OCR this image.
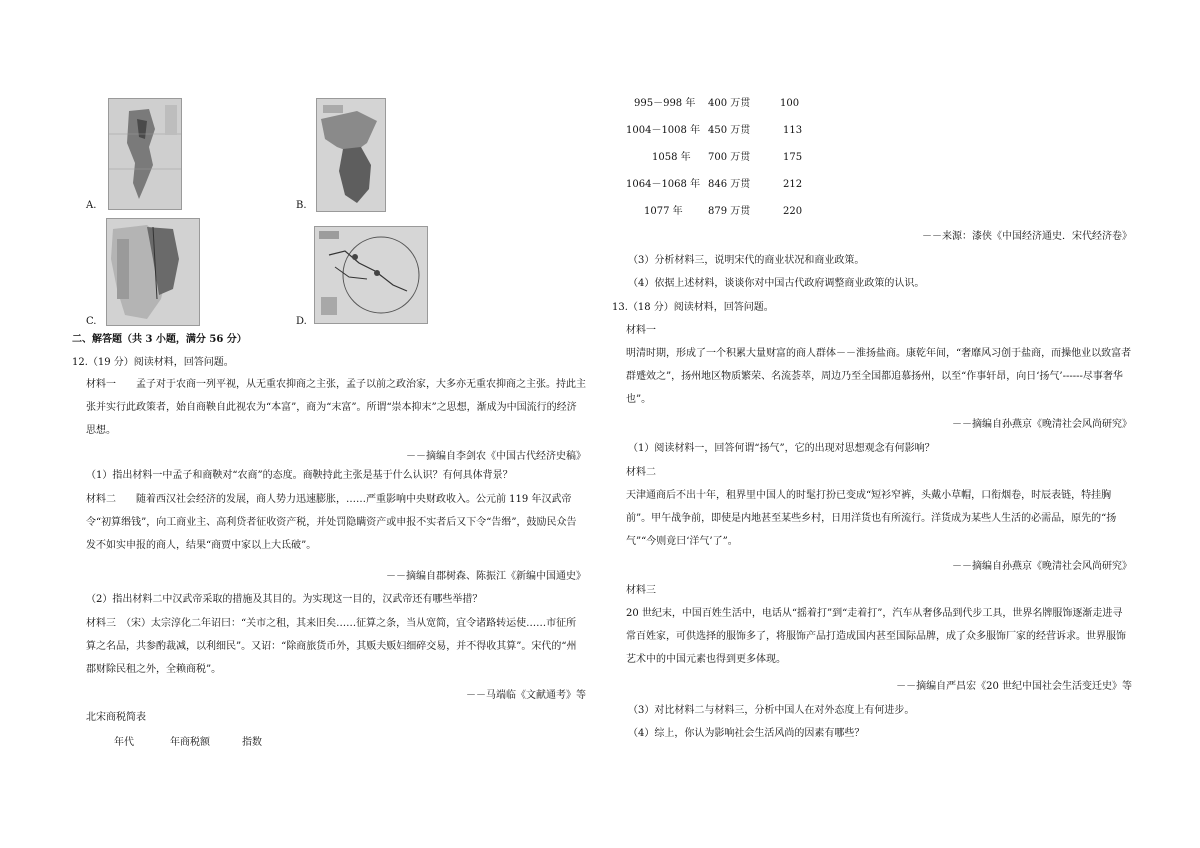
A.	B.
C.	D.
二、解答题（共 3 小题，满分 56 分）
12.（19 分）阅读材料，回答问题。
材料一　　孟子对于农商一列平视，从无重农抑商之主张，孟子以前之政治家，大多亦无重农抑商之主张。持此主张并实行此政策者，始自商鞅自此视农为“本富”，商为“末富”。所谓“崇本抑末”之思想，渐成为中国流行的经济思想。
－－摘编自李剑农《中国古代经济史稿》
（1）指出材料一中孟子和商鞅对“农商”的态度。商鞅持此主张是基于什么认识？有何具体背景？
材料二　　随着西汉社会经济的发展，商人势力迅速膨胀，……严重影响中央财政收入。公元前 119 年汉武帝令“初算缗钱”，向工商业主、高利贷者征收资产税，并处罚隐瞒资产或申报不实者后又下令“告缗”，鼓励民众告发不如实申报的商人，结果“商贾中家以上大氐破”。
－－摘编自郡树森、陈振江《新编中国通史》
（2）指出材料二中汉武帝采取的措施及其目的。为实现这一目的，汉武帝还有哪些举措？
材料三　（宋）太宗淳化二年诏曰：“关市之租，其来旧矣……征算之条，当从宽简，宜令诸路转运使……市征所算之名品，共参酌裁减，以利细民”。又诏：“除商旅货币外，其贩夫贩妇细碎交易，并不得收其算”。宋代的“州郡财除民租之外，全赖商税”。
－－马端临《文献通考》等
北宋商税简表
年代	年商税额	指数
995－998 年 400 万贯	100
1004－1008 年 450 万贯	113
1058 年 700 万贯	175
1064－1068 年 846 万贯	212
1077 年	879 万贯	220
－－来源：漆侠《中国经济通史．宋代经济卷》
（3）分析材料三，说明宋代的商业状况和商业政策。
（4）依据上述材料，谈谈你对中国古代政府调整商业政策的认识。
13.（18 分）阅读材料，回答问题。
材料一
明清时期，形成了一个积累大量财富的商人群体－－淮扬盐商。康乾年间，“奢靡风习创于盐商，而操他业以致富者群蹙效之”，扬州地区物质繁荣、名流荟萃，周边乃至全国都追慕扬州，以至“作事轩昂，向日‘扬气’------尽事奢华也”。
－－摘编自孙燕京《晚清社会风尚研究》
（1）阅读材料一，回答何谓“扬气”，它的出现对思想观念有何影响？
材料二
天津通商后不出十年，租界里中国人的时髦打扮已变成“短衫窄裤，头戴小草帽，口衔烟卷，时辰表链，特挂胸前”。甲午战争前，即使是内地甚至某些乡村，日用洋货也有所流行。洋货成为某些人生活的必需品，原先的“扬气”“今则竟曰‘洋气’了”。
－－摘编自孙燕京《晚清社会风尚研究》
材料三
20 世纪末，中国百姓生活中，电话从“摇着打”到“走着打”，汽车从奢侈品到代步工具，世界名牌服饰逐渐走进寻常百姓家，可供选择的服饰多了，将服饰产品打造成国内甚至国际品牌，成了众多服饰厂家的经营诉求。世界服饰艺术中的中国元素也得到更多体现。
－－摘编自严昌宏《20 世纪中国社会生活变迁史》等
（3）对比材料二与材料三，分析中国人在对外态度上有何进步。
（4）综上，你认为影响社会生活风尚的因素有哪些？
